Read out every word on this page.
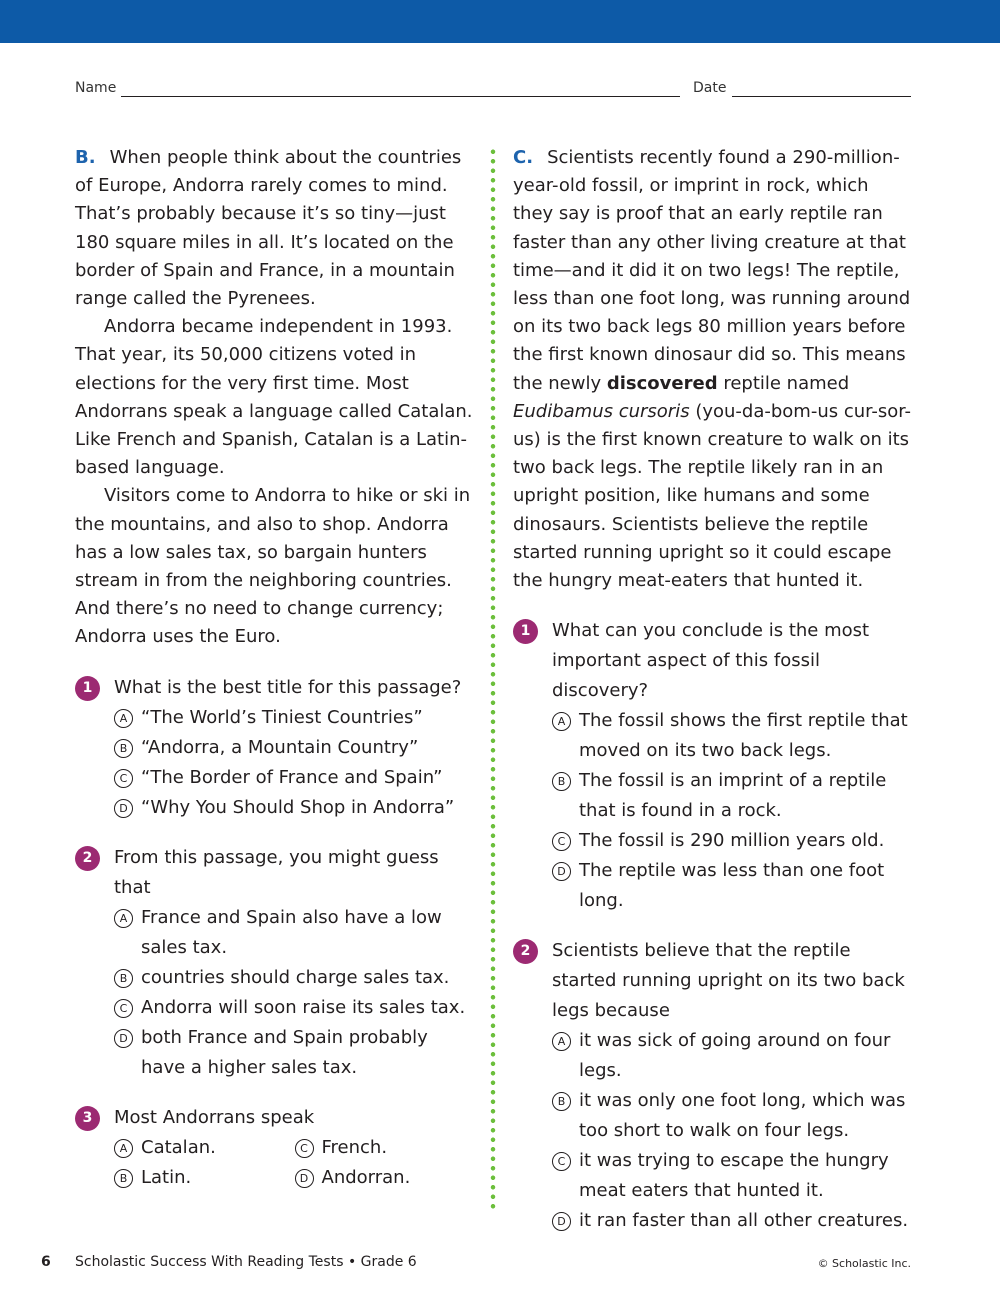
Name	Date

B. When people think about the countries of Europe, Andorra rarely comes to mind. That’s probably because it’s so tiny—just 180 square miles in all. It’s located on the border of Spain and France, in a mountain range called the Pyrenees.

Andorra became independent in 1993. That year, its 50,000 citizens voted in elections for the very first time. Most Andorrans speak a language called Catalan. Like French and Spanish, Catalan is a Latin-based language.

Visitors come to Andorra to hike or ski in the mountains, and also to shop. Andorra has a low sales tax, so bargain hunters stream in from the neighboring countries. And there’s no need to change currency; Andorra uses the Euro.

1	What is the best title for this passage?
A “The World’s Tiniest Countries”
B “Andorra, a Mountain Country”
C “The Border of France and Spain”
D “Why You Should Shop in Andorra”
2	From this passage, you might guess that
A France and Spain also have a low sales tax.
B countries should charge sales tax.
C Andorra will soon raise its sales tax.
D both France and Spain probably have a higher sales tax.
3	Most Andorrans speak
A Catalan.	C French.
B Latin.	D Andorran.

C. Scientists recently found a 290-million-year-old fossil, or imprint in rock, which they say is proof that an early reptile ran faster than any other living creature at that time—and it did it on two legs! The reptile, less than one foot long, was running around on its two back legs 80 million years before the first known dinosaur did so. This means the newly discovered reptile named Eudibamus cursoris (you-da-bom-us cur-sor-us) is the first known creature to walk on its two back legs. The reptile likely ran in an upright position, like humans and some dinosaurs. Scientists believe the reptile started running upright so it could escape the hungry meat-eaters that hunted it.

1	What can you conclude is the most important aspect of this fossil discovery?
A The fossil shows the first reptile that moved on its two back legs.
B The fossil is an imprint of a reptile that is found in a rock.
C The fossil is 290 million years old.
D The reptile was less than one foot long.
2	Scientists believe that the reptile started running upright on its two back legs because
A it was sick of going around on four legs.
B it was only one foot long, which was too short to walk on four legs.
C it was trying to escape the hungry meat eaters that hunted it.
D it ran faster than all other creatures.
6 Scholastic Success With Reading Tests • Grade 6	© Scholastic Inc.
